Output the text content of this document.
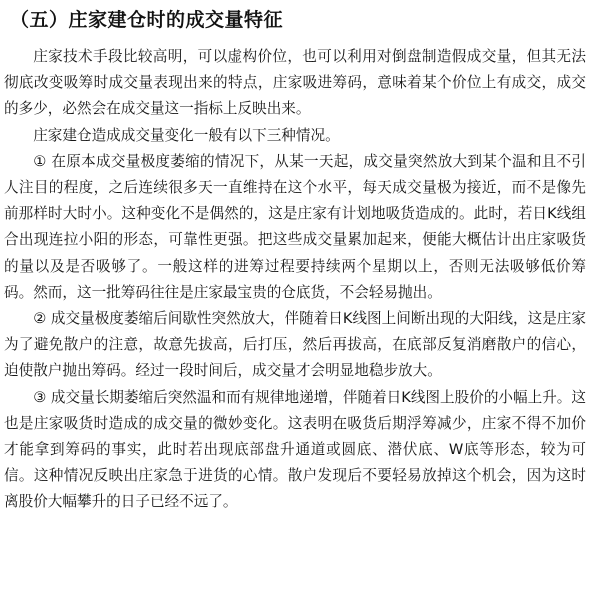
（五）庄家建仓时的成交量特征

庄家技术手段比较高明，可以虚构价位，也可以利用对倒盘制造假成交量，但其无法彻底改变吸筹时成交量表现出来的特点，庄家吸进筹码，意味着某个价位上有成交，成交的多少，必然会在成交量这一指标上反映出来。

庄家建仓造成成交量变化一般有以下三种情况。

① 在原本成交量极度萎缩的情况下，从某一天起，成交量突然放大到某个温和且不引人注目的程度，之后连续很多天一直维持在这个水平，每天成交量极为接近，而不是像先前那样时大时小。这种变化不是偶然的，这是庄家有计划地吸货造成的。此时，若日K线组合出现连拉小阳的形态，可靠性更强。把这些成交量累加起来，便能大概估计出庄家吸货的量以及是否吸够了。一般这样的进筹过程要持续两个星期以上，否则无法吸够低价筹码。然而，这一批筹码往往是庄家最宝贵的仓底货，不会轻易抛出。

② 成交量极度萎缩后间歇性突然放大，伴随着日K线图上间断出现的大阳线，这是庄家为了避免散户的注意，故意先拔高，后打压，然后再拔高，在底部反复消磨散户的信心，迫使散户抛出筹码。经过一段时间后，成交量才会明显地稳步放大。

③ 成交量长期萎缩后突然温和而有规律地递增，伴随着日K线图上股价的小幅上升。这也是庄家吸货时造成的成交量的微妙变化。这表明在吸货后期浮筹减少，庄家不得不加价才能拿到筹码的事实，此时若出现底部盘升通道或圆底、潜伏底、W底等形态，较为可信。这种情况反映出庄家急于进货的心情。散户发现后不要轻易放掉这个机会，因为这时离股价大幅攀升的日子已经不远了。
